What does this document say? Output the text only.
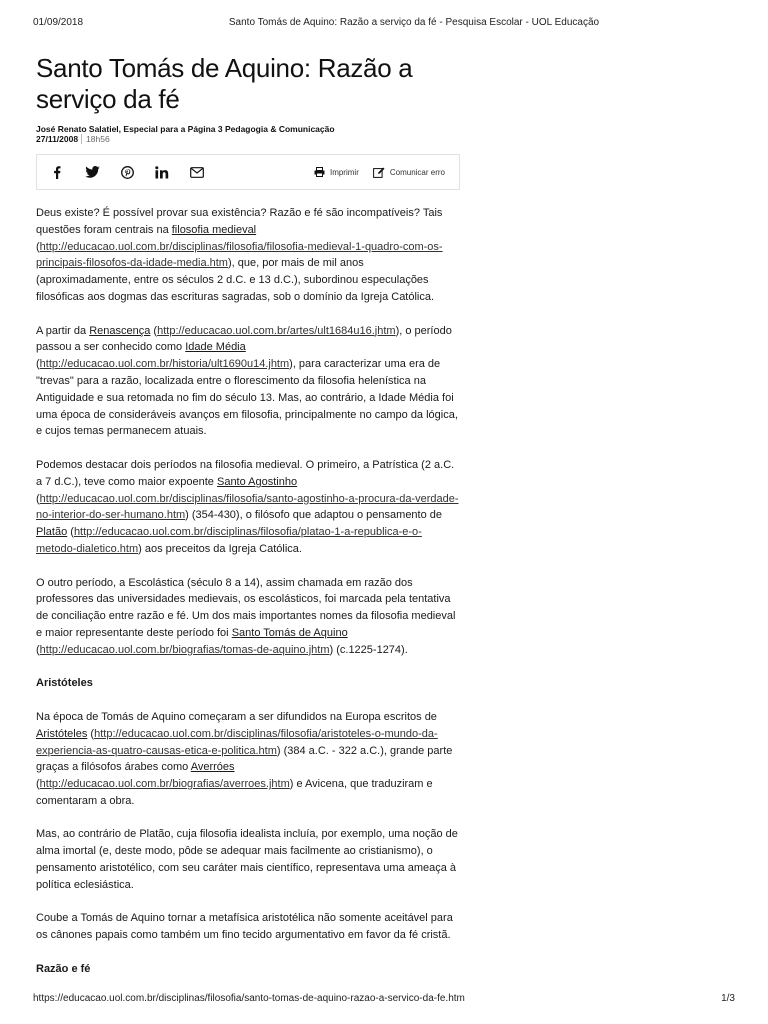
01/09/2018	Santo Tomás de Aquino: Razão a serviço da fé - Pesquisa Escolar - UOL Educação
Santo Tomás de Aquino: Razão a
serviço da fé
José Renato Salatiel, Especial para a Página 3 Pedagogia & Comunicação
27/11/2008 18h56
Imprimir	Comunicar erro

Deus existe? É possível provar sua existência? Razão e fé são incompatíveis? Tais questões foram centrais na filosofia medieval (http://educacao.uol.com.br/disciplinas/filosofia/filosofia-medieval-1-quadro-com-os-principais-filosofos-da-idade-media.htm), que, por mais de mil anos (aproximadamente, entre os séculos 2 d.C. e 13 d.C.), subordinou especulações filosóficas aos dogmas das escrituras sagradas, sob o domínio da Igreja Católica.

A partir da Renascença (http://educacao.uol.com.br/artes/ult1684u16.jhtm), o período passou a ser conhecido como Idade Média (http://educacao.uol.com.br/historia/ult1690u14.jhtm), para caracterizar uma era de "trevas" para a razão, localizada entre o florescimento da filosofia helenística na Antiguidade e sua retomada no fim do século 13. Mas, ao contrário, a Idade Média foi uma época de consideráveis avanços em filosofia, principalmente no campo da lógica, e cujos temas permanecem atuais.

Podemos destacar dois períodos na filosofia medieval. O primeiro, a Patrística (2 a.C. a 7 d.C.), teve como maior expoente Santo Agostinho (http://educacao.uol.com.br/disciplinas/filosofia/santo-agostinho-a-procura-da-verdade-no-interior-do-ser-humano.htm) (354-430), o filósofo que adaptou o pensamento de Platão (http://educacao.uol.com.br/disciplinas/filosofia/platao-1-a-republica-e-o-metodo-dialetico.htm) aos preceitos da Igreja Católica.

O outro período, a Escolástica (século 8 a 14), assim chamada em razão dos professores das universidades medievais, os escolásticos, foi marcada pela tentativa de conciliação entre razão e fé. Um dos mais importantes nomes da filosofia medieval e maior representante deste período foi Santo Tomás de Aquino (http://educacao.uol.com.br/biografias/tomas-de-aquino.jhtm) (c.1225-1274).

Aristóteles

Na época de Tomás de Aquino começaram a ser difundidos na Europa escritos de Aristóteles (http://educacao.uol.com.br/disciplinas/filosofia/aristoteles-o-mundo-da-experiencia-as-quatro-causas-etica-e-politica.htm) (384 a.C. - 322 a.C.), grande parte graças a filósofos árabes como Averróes (http://educacao.uol.com.br/biografias/averroes.jhtm) e Avicena, que traduziram e comentaram a obra.

Mas, ao contrário de Platão, cuja filosofia idealista incluía, por exemplo, uma noção de alma imortal (e, deste modo, pôde se adequar mais facilmente ao cristianismo), o pensamento aristotélico, com seu caráter mais científico, representava uma ameaça à política eclesiástica.

Coube a Tomás de Aquino tornar a metafísica aristotélica não somente aceitável para os cânones papais como também um fino tecido argumentativo em favor da fé cristã.

Razão e fé
https://educacao.uol.com.br/disciplinas/filosofia/santo-tomas-de-aquino-razao-a-servico-da-fe.htm	1/3
